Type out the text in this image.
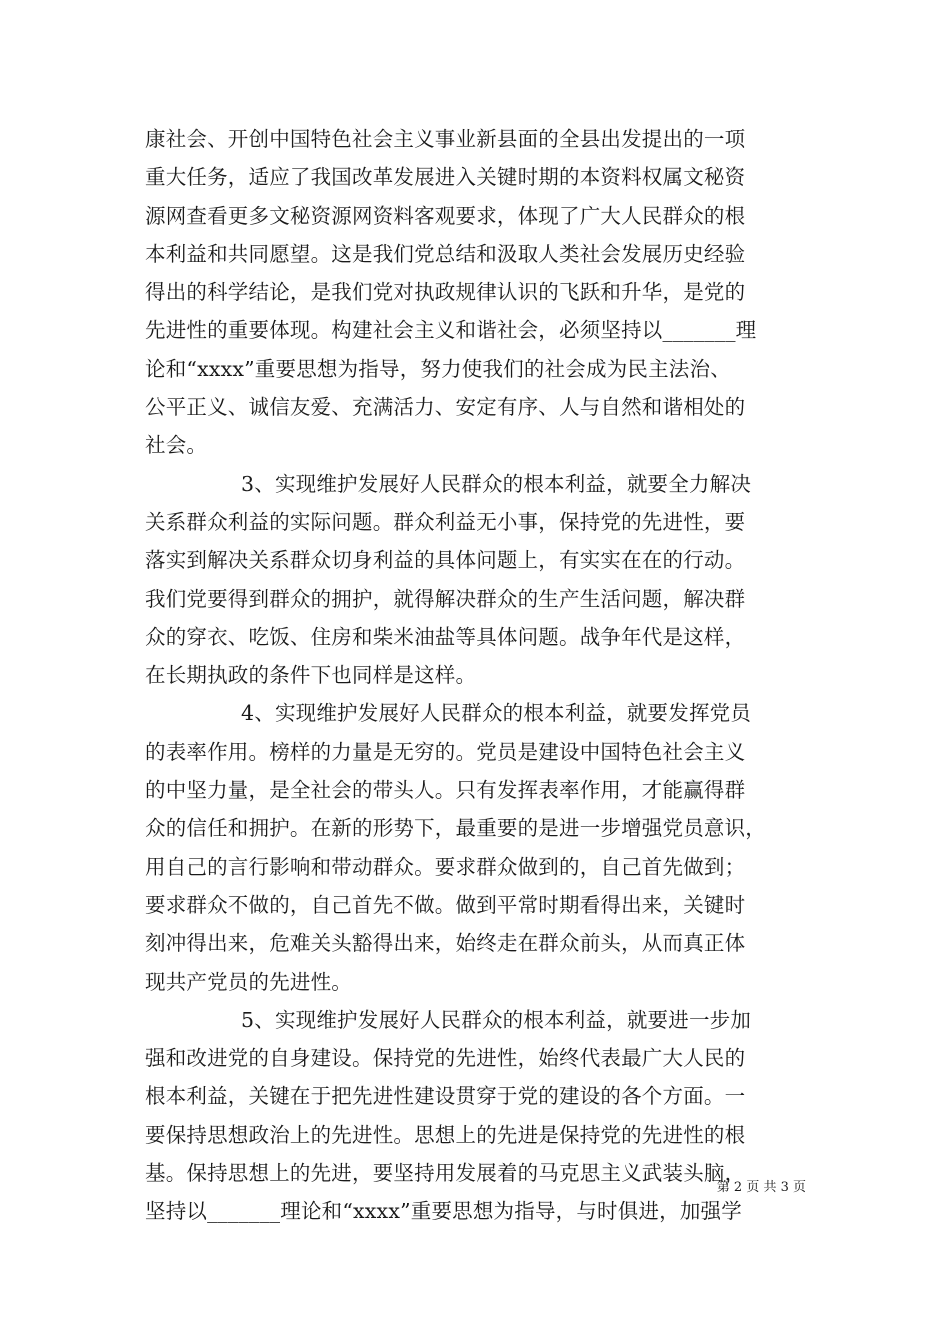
康社会、开创中国特色社会主义事业新县面的全县出发提出的一项
重大任务，适应了我国改革发展进入关键时期的本资料权属文秘资
源网查看更多文秘资源网资料客观要求，体现了广大人民群众的根
本利益和共同愿望。这是我们党总结和汲取人类社会发展历史经验
得出的科学结论，是我们党对执政规律认识的飞跃和升华，是党的
先进性的重要体现。构建社会主义和谐社会，必须坚持以_______理
论和“xxxx”重要思想为指导，努力使我们的社会成为民主法治、
公平正义、诚信友爱、充满活力、安定有序、人与自然和谐相处的
社会。
3、实现维护发展好人民群众的根本利益，就要全力解决
关系群众利益的实际问题。群众利益无小事，保持党的先进性，要
落实到解决关系群众切身利益的具体问题上，有实实在在的行动。
我们党要得到群众的拥护，就得解决群众的生产生活问题，解决群
众的穿衣、吃饭、住房和柴米油盐等具体问题。战争年代是这样，
在长期执政的条件下也同样是这样。
4、实现维护发展好人民群众的根本利益，就要发挥党员
的表率作用。榜样的力量是无穷的。党员是建设中国特色社会主义
的中坚力量，是全社会的带头人。只有发挥表率作用，才能赢得群
众的信任和拥护。在新的形势下，最重要的是进一步增强党员意识，
用自己的言行影响和带动群众。要求群众做到的，自己首先做到；
要求群众不做的，自己首先不做。做到平常时期看得出来，关键时
刻冲得出来，危难关头豁得出来，始终走在群众前头，从而真正体
现共产党员的先进性。
5、实现维护发展好人民群众的根本利益，就要进一步加
强和改进党的自身建设。保持党的先进性，始终代表最广大人民的
根本利益，关键在于把先进性建设贯穿于党的建设的各个方面。一
要保持思想政治上的先进性。思想上的先进是保持党的先进性的根
基。保持思想上的先进，要坚持用发展着的马克思主义武装头脑，
坚持以_______理论和“xxxx”重要思想为指导，与时俱进，加强学
第 2 页 共 3 页
